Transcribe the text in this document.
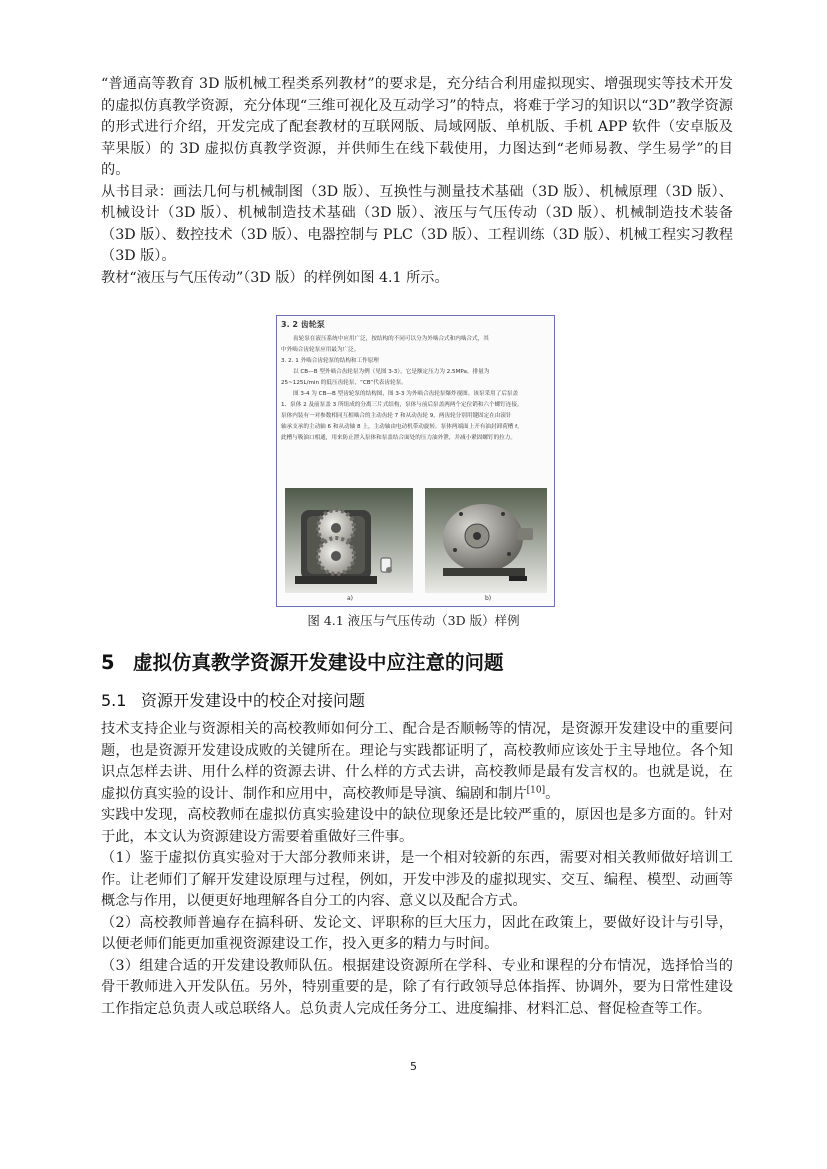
“普通高等教育 3D 版机械工程类系列教材”的要求是，充分结合利用虚拟现实、增强现实等技术开发的虚拟仿真教学资源，充分体现“三维可视化及互动学习”的特点，将难于学习的知识以“3D”教学资源的形式进行介绍，开发完成了配套教材的互联网版、局域网版、单机版、手机 APP 软件（安卓版及苹果版）的 3D 虚拟仿真教学资源，并供师生在线下载使用，力图达到“老师易教、学生易学”的目的。

从书目录：画法几何与机械制图（3D 版）、互换性与测量技术基础（3D 版）、机械原理（3D 版）、机械设计（3D 版）、机械制造技术基础（3D 版）、液压与气压传动（3D 版）、机械制造技术装备（3D 版）、数控技术（3D 版）、电器控制与 PLC（3D 版）、工程训练（3D 版）、机械工程实习教程（3D 版）。

教材“液压与气压传动”（3D 版）的样例如图 4.1 所示。

3. 2 齿轮泵
齿轮泵在液压系统中应用广泛，按结构的不同可以分为外啮合式和内啮合式，其
中外啮合齿轮泵应用最为广泛。
3. 2. 1 外啮合齿轮泵的结构和工作原理
以 CB—B 型外啮合齿轮泵为例（见图 3-3），它是额定压力为 2.5MPa，排量为
25~125L/min 的低压齿轮泵，“CB”代表齿轮泵。
图 3-4 为 CB—B 型齿轮泵的结构图，图 3-3 为外啮合齿轮泵爆炸视图。该泵采用了后泵盖
1、泵体 2 及前泵盖 3 所组成的分离三片式结构，泵体与前后泵盖两两个定位销和六个螺钉连接。
泵体内装有一对参数相同互相啮合的主动齿轮 7 和从动齿轮 9，两齿轮分别用键固定在由滚针
轴承支承的主动轴 6 和从动轴 8 上，主动轴由电动机带动旋转。泵体两端面上开有油封卸荷槽 f，
此槽与吸油口相通，用来防止泄入泵体和泵盖结合面处的压力油外泄，并减小紧固螺钉的拉力。
a)	b)
图 4.1 液压与气压传动（3D 版）样例
5 虚拟仿真教学资源开发建设中应注意的问题
5.1 资源开发建设中的校企对接问题

技术支持企业与资源相关的高校教师如何分工、配合是否顺畅等的情况，是资源开发建设中的重要问题，也是资源开发建设成败的关键所在。理论与实践都证明了，高校教师应该处于主导地位。各个知识点怎样去讲、用什么样的资源去讲、什么样的方式去讲，高校教师是最有发言权的。也就是说，在虚拟仿真实验的设计、制作和应用中，高校教师是导演、编剧和制片[10]。

实践中发现，高校教师在虚拟仿真实验建设中的缺位现象还是比较严重的，原因也是多方面的。针对于此，本文认为资源建设方需要着重做好三件事。

（1）鉴于虚拟仿真实验对于大部分教师来讲，是一个相对较新的东西，需要对相关教师做好培训工作。让老师们了解开发建设原理与过程，例如，开发中涉及的虚拟现实、交互、编程、模型、动画等概念与作用，以便更好地理解各自分工的内容、意义以及配合方式。

（2）高校教师普遍存在搞科研、发论文、评职称的巨大压力，因此在政策上，要做好设计与引导，以便老师们能更加重视资源建设工作，投入更多的精力与时间。

（3）组建合适的开发建设教师队伍。根据建设资源所在学科、专业和课程的分布情况，选择恰当的骨干教师进入开发队伍。另外，特别重要的是，除了有行政领导总体指挥、协调外，要为日常性建设工作指定总负责人或总联络人。总负责人完成任务分工、进度编排、材料汇总、督促检查等工作。

5
